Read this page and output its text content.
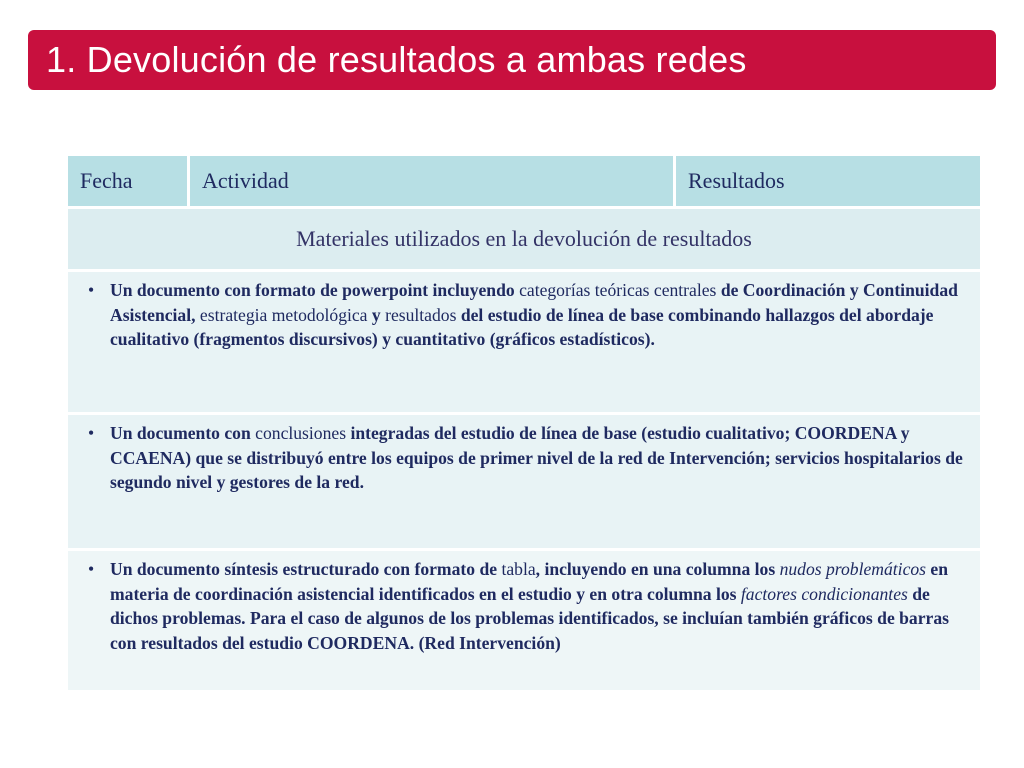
1. Devolución de resultados a ambas redes
Fecha	Actividad	Resultados
Materiales utilizados en la devolución de resultados

• Un documento con formato de powerpoint incluyendo categorías teóricas centrales de Coordinación y Continuidad Asistencial, estrategia metodológica y resultados del estudio de línea de base combinando hallazgos del abordaje cualitativo (fragmentos discursivos) y cuantitativo (gráficos estadísticos).

• Un documento con conclusiones integradas del estudio de línea de base (estudio cualitativo; COORDENA y CCAENA) que se distribuyó entre los equipos de primer nivel de la red de Intervención; servicios hospitalarios de segundo nivel y gestores de la red.

• Un documento síntesis estructurado con formato de tabla, incluyendo en una columna los nudos problemáticos en materia de coordinación asistencial identificados en el estudio y en otra columna los factores condicionantes de dichos problemas. Para el caso de algunos de los problemas identificados, se incluían también gráficos de barras con resultados del estudio COORDENA. (Red Intervención)
